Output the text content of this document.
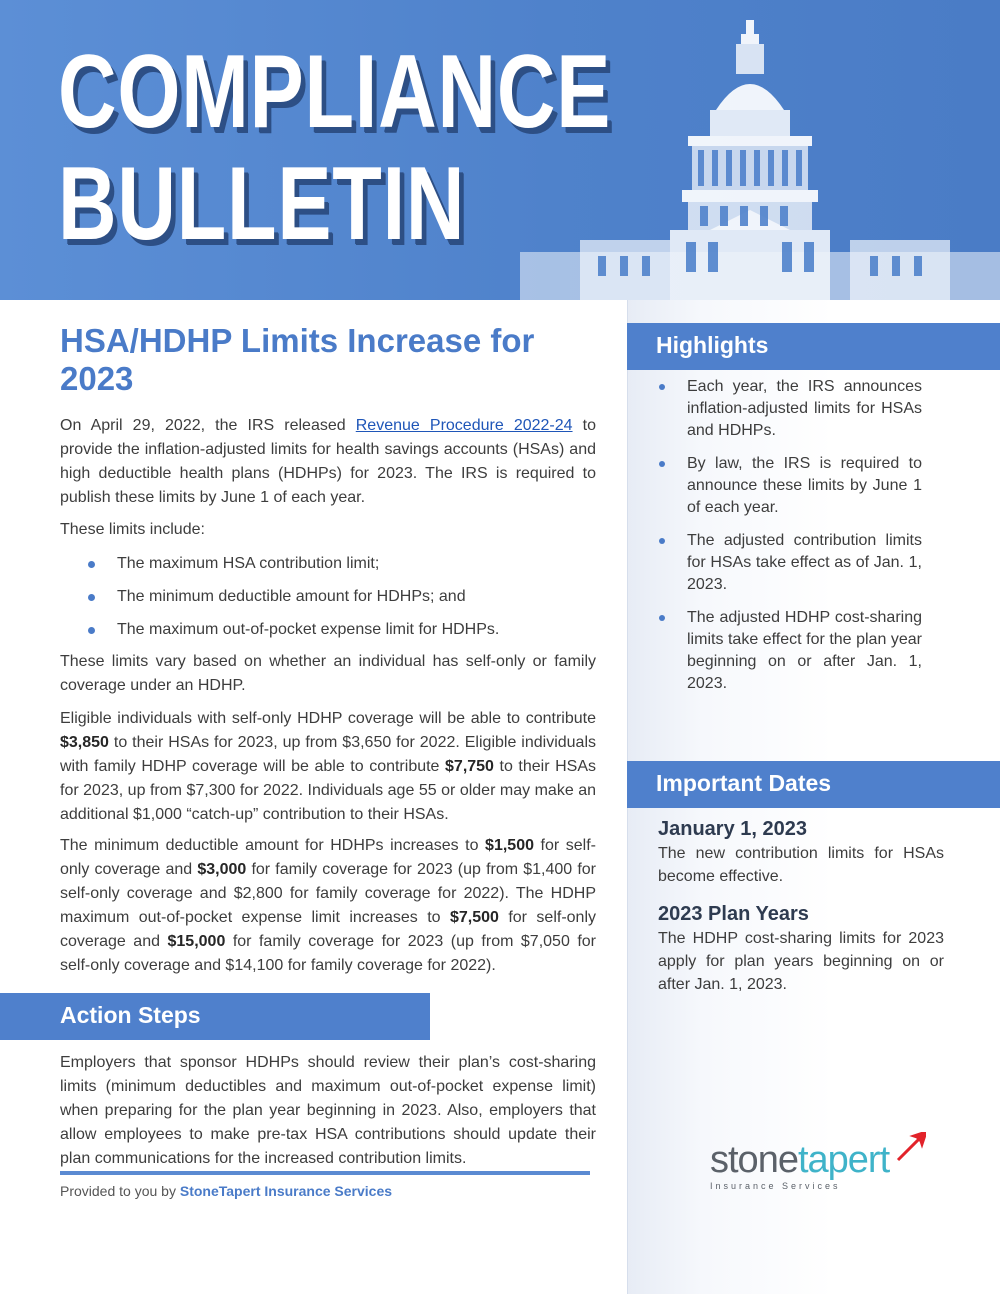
COMPLIANCE
BULLETIN
HSA/HDHP Limits Increase for 2023

On April 29, 2022, the IRS released Revenue Procedure 2022-24 to provide the inflation-adjusted limits for health savings accounts (HSAs) and high deductible health plans (HDHPs) for 2023. The IRS is required to publish these limits by June 1 of each year.

These limits include:

The maximum HSA contribution limit;
The minimum deductible amount for HDHPs; and
The maximum out-of-pocket expense limit for HDHPs.

These limits vary based on whether an individual has self-only or family coverage under an HDHP.

Eligible individuals with self-only HDHP coverage will be able to contribute $3,850 to their HSAs for 2023, up from $3,650 for 2022. Eligible individuals with family HDHP coverage will be able to contribute $7,750 to their HSAs for 2023, up from $7,300 for 2022. Individuals age 55 or older may make an additional $1,000 “catch-up” contribution to their HSAs.

The minimum deductible amount for HDHPs increases to $1,500 for self-only coverage and $3,000 for family coverage for 2023 (up from $1,400 for self-only coverage and $2,800 for family coverage for 2022). The HDHP maximum out-of-pocket expense limit increases to $7,500 for self-only coverage and $15,000 for family coverage for 2023 (up from $7,050 for self-only coverage and $14,100 for family coverage for 2022).

Action Steps

Employers that sponsor HDHPs should review their plan’s cost-sharing limits (minimum deductibles and maximum out-of-pocket expense limit) when preparing for the plan year beginning in 2023. Also, employers that allow employees to make pre-tax HSA contributions should update their plan communications for the increased contribution limits.

Provided to you by StoneTapert Insurance Services

Highlights
Each year, the IRS announces inflation-adjusted limits for HSAs and HDHPs.
By law, the IRS is required to announce these limits by June 1 of each year.
The adjusted contribution limits for HSAs take effect as of Jan. 1, 2023.
The adjusted HDHP cost-sharing limits take effect for the plan year beginning on or after Jan. 1, 2023.
Important Dates
January 1, 2023

The new contribution limits for HSAs become effective.

2023 Plan Years

The HDHP cost-sharing limits for 2023 apply for plan years beginning on or after Jan. 1, 2023.

stonetapert
Insurance Services
